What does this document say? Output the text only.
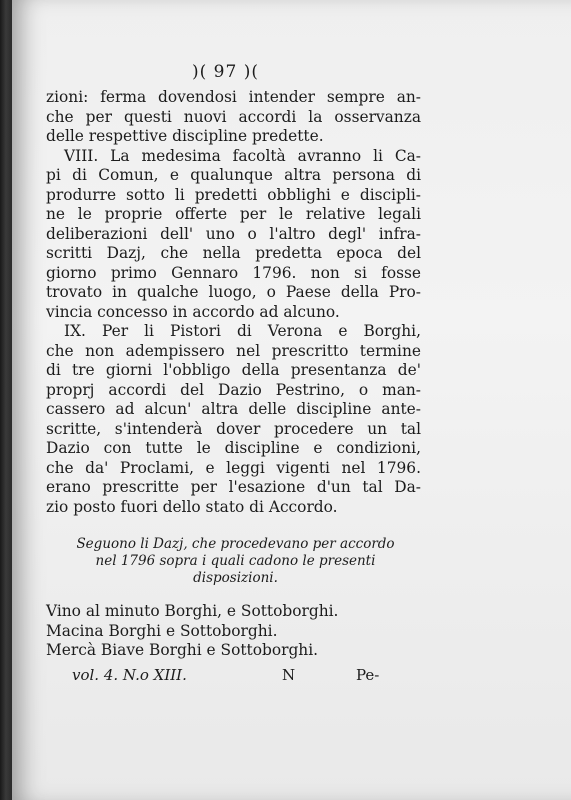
)( 97 )(
zioni: ferma dovendosi intender sempre an-
che per questi nuovi accordi la osservanza
delle respettive discipline predette.
VIII. La medesima facoltà avranno li Ca-
pi di Comun, e qualunque altra persona di
produrre sotto li predetti obblighi e discipli-
ne le proprie offerte per le relative legali
deliberazioni dell' uno o l'altro degl' infra-
scritti Dazj, che nella predetta epoca del
giorno primo Gennaro 1796. non si fosse
trovato in qualche luogo, o Paese della Pro-
vincia concesso in accordo ad alcuno.
IX. Per li Pistori di Verona e Borghi,
che non adempissero nel prescritto termine
di tre giorni l'obbligo della presentanza de'
proprj accordi del Dazio Pestrino, o man-
cassero ad alcun' altra delle discipline ante-
scritte, s'intenderà dover procedere un tal
Dazio con tutte le discipline e condizioni,
che da' Proclami, e leggi vigenti nel 1796.
erano prescritte per l'esazione d'un tal Da-
zio posto fuori dello stato di Accordo.
Seguono li Dazj, che procedevano per accordo
nel 1796 sopra i quali cadono le presenti
disposizioni.
Vino al minuto Borghi, e Sottoborghi.
Macina Borghi e Sottoborghi.
Mercà Biave Borghi e Sottoborghi.
vol. 4. N.o XIII.	N	Pe-
